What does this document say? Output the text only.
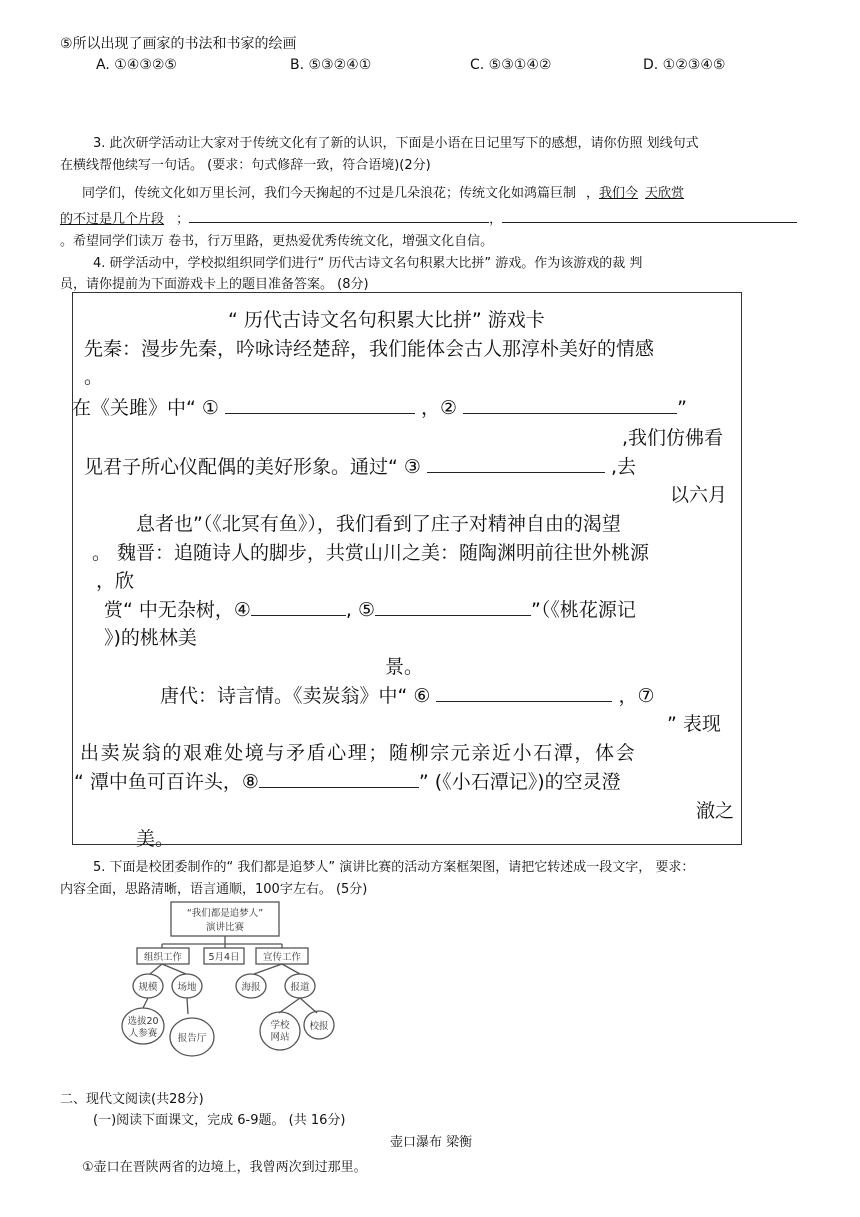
⑤所以出现了画家的书法和书家的绘画
A. ①④③②⑤	B. ⑤③②④①	C. ⑤③①④②	D. ①②③④⑤
3. 此次研学活动让大家对于传统文化有了新的认识，下面是小语在日记里写下的感想，请你仿照 划线句式
在横线帮他续写一句话。 (要求：句式修辞一致，符合语境)(2分)
同学们，传统文化如万里长河，我们今天掬起的不过是几朵浪花；传统文化如鸿篇巨制 ，我们今 天欣赏
的不过是几个片段 ；	，
。希望同学们读万 卷书，行万里路，更热爱优秀传统文化，增强文化自信。
4. 研学活动中，学校拟组织同学们进行“ 历代古诗文名句积累大比拼” 游戏。作为该游戏的裁 判
员，请你提前为下面游戏卡上的题目准备答案。 (8分)
“ 历代古诗文名句积累大比拼” 游戏卡
先秦：漫步先秦，吟咏诗经楚辞，我们能体会古人那淳朴美好的情感
。
在《关雎》中“ ①	，②	”
,我们仿佛看
见君子所心仪配偶的美好形象。通过“ ③	,去
以六月
息者也”（《北冥有鱼》），我们看到了庄子对精神自由的渴望
。 魏晋：追随诗人的脚步，共赏山川之美：随陶渊明前往世外桃源
，欣
赏“ 中无杂树，④	, ⑤	”（《桃花源记
》)的桃林美
景。
唐代：诗言情。《卖炭翁》中“ ⑥	，⑦
” 表现
出卖炭翁的艰难处境与矛盾心理；随柳宗元亲近小石潭，体会
“ 潭中鱼可百许头，⑧	” (《小石潭记》)的空灵澄
澈之
美。
5. 下面是校团委制作的“ 我们都是追梦人” 演讲比赛的活动方案框架图，请把它转述成一段文字， 要求：
内容全面，思路清晰，语言通顺，100字左右。 (5分)
“我们都是追梦人”
演讲比赛
组织工作	5月4日 宣传工作
规模 场地	海报	报道
选拔20
人参赛 报告厅
学校
网站
校报
二、现代文阅读(共28分)
(一)阅读下面课文，完成 6-9题。 (共 16分)
壶口瀑布 梁衡
①壶口在晋陕两省的边境上，我曾两次到过那里。
